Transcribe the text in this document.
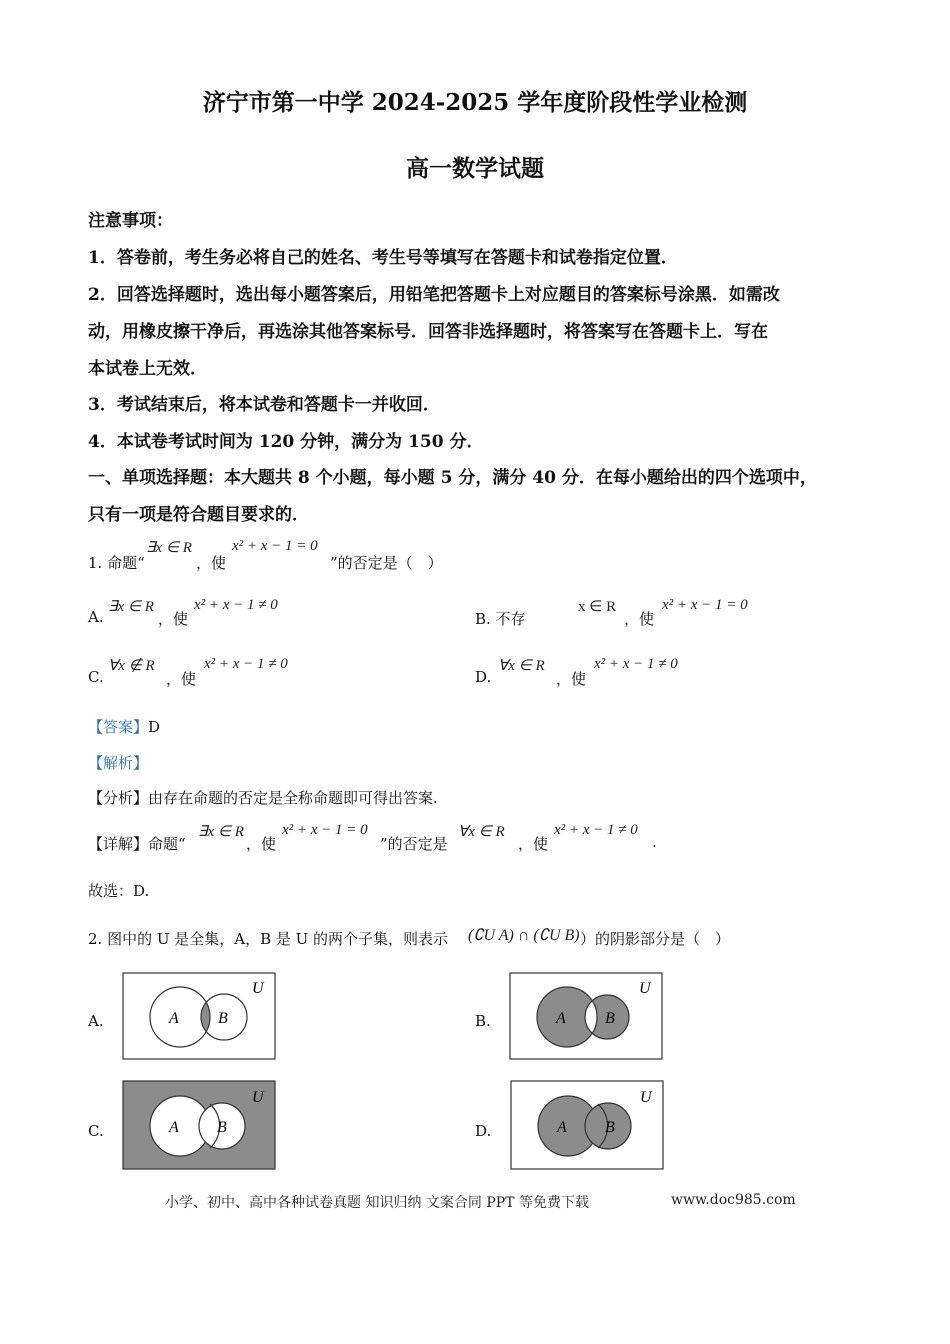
济宁市第一中学 2024-2025 学年度阶段性学业检测
高一数学试题
注意事项：
1．答卷前，考生务必将自己的姓名、考生号等填写在答题卡和试卷指定位置．
2．回答选择题时，选出每小题答案后，用铅笔把答题卡上对应题目的答案标号涂黑．如需改
动，用橡皮擦干净后，再选涂其他答案标号．回答非选择题时，将答案写在答题卡上．写在
本试卷上无效．
3．考试结束后，将本试卷和答题卡一并收回．
4．本试卷考试时间为 120 分钟，满分为 150 分．
一、单项选择题：本大题共 8 个小题，每小题 5 分，满分 40 分．在每小题给出的四个选项中，
只有一项是符合题目要求的．
1. 命题“
∃x ∈ R
，使
x² + x − 1 = 0
”的否定是（　）
A.
∃x ∈ R
，使
x² + x − 1 ≠ 0
B. 不存
x ∈ R
，使
x² + x − 1 = 0
C.
∀x ∉ R
，使
x² + x − 1 ≠ 0
D.
∀x ∈ R
，使
x² + x − 1 ≠ 0
【答案】D
【解析】
【分析】由存在命题的否定是全称命题即可得出答案.
【详解】命题“
∃x ∈ R
，使
x² + x − 1 = 0
”的否定是
∀x ∈ R
，使
x² + x − 1 ≠ 0
.
故选：D.
2. 图中的 U 是全集，A，B 是 U 的两个子集，则表示 (∁U A) ∩ (∁U B) ）的阴影部分是（　）
A.	A B
U
B.	A B
U
C.	A B
U
D.	A B
U
小学、初中、高中各种试卷真题 知识归纳 文案合同 PPT 等免费下载	www.doc985.com
